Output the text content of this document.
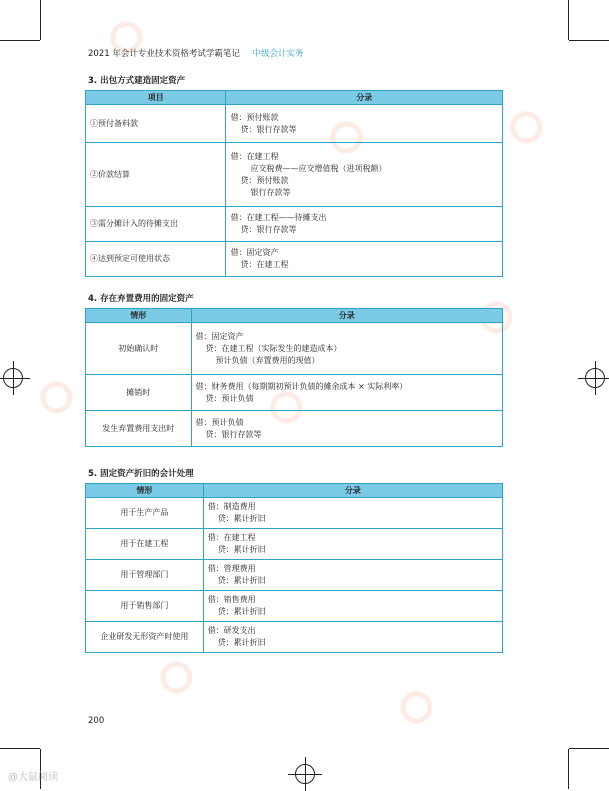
2021 年会计专业技术资格考试学霸笔记 中级会计实务
3. 出包方式建造固定资产
项目	分录
①预付备料款	借：预付账款
贷：银行存款等

②价款结算	借：在建工程
应交税费——应交增值税（进项税额）
贷：预付账款
银行存款等

③需分摊计入的待摊支出	借：在建工程——待摊支出
贷：银行存款等

④达到预定可使用状态	借：固定资产
贷：在建工程
4. 存在弃置费用的固定资产
情形	分录
初始确认时	借：固定资产
贷：在建工程（实际发生的建造成本）
预计负债（弃置费用的现值）

摊销时	借：财务费用（每期期初预计负债的摊余成本 × 实际利率）
贷：预计负债

发生弃置费用支出时	借：预计负债
贷：银行存款等
5. 固定资产折旧的会计处理
情形	分录
用于生产产品	借：制造费用
贷：累计折旧

用于在建工程	借：在建工程
贷：累计折旧

用于管理部门	借：管理费用
贷：累计折旧

用于销售部门	借：销售费用
贷：累计折旧

企业研发无形资产时使用	借：研发支出
贷：累计折旧
200
@大鼠阅读
